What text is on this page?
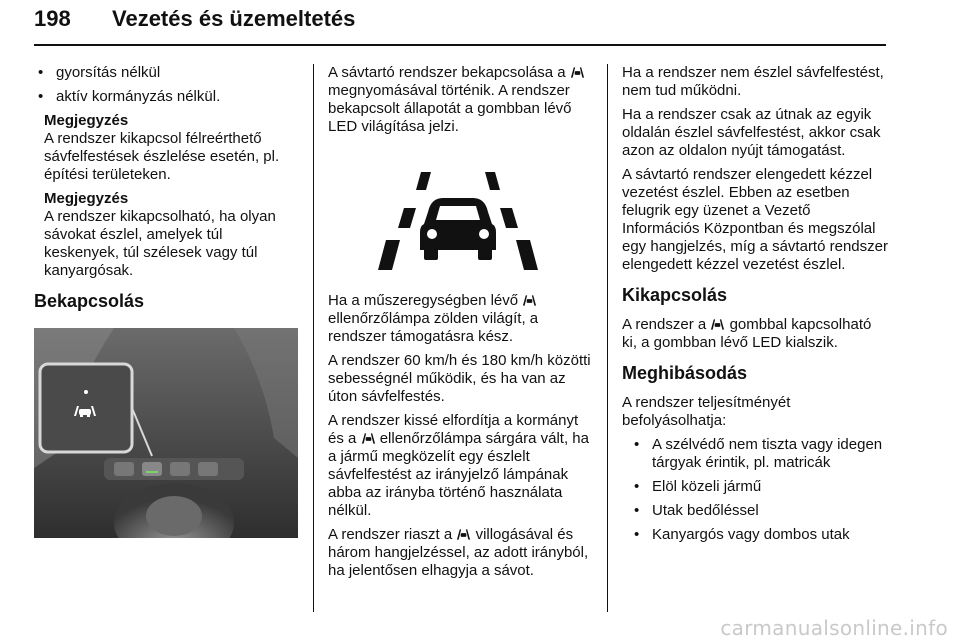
198 Vezetés és üzemeltetés
• gyorsítás nélkül
• aktív kormányzás nélkül.

Megjegyzés

A rendszer kikapcsol félreérthető sávfelfestések észlelése esetén, pl. építési területeken.

Megjegyzés

A rendszer kikapcsolható, ha olyan sávokat észlel, amelyek túl keskenyek, túl szélesek vagy túl kanyargósak.

Bekapcsolás

A sávtartó rendszer bekapcsolása a  megnyomásával történik. A rendszer bekapcsolt állapotát a gombban lévő LED világítása jelzi.

Ha a műszeregységben lévő  ellenőrzőlámpa zölden világít, a rendszer támogatásra kész.

A rendszer 60 km/h és 180 km/h közötti sebességnél működik, és ha van az úton sávfelfestés.

A rendszer kissé elfordítja a kormányt és a ellenőrzőlámpa sárgára vált, ha a jármű megközelít egy észlelt sávfelfestést az irányjelző lámpának abba az irányba történő használata nélkül.

A rendszer riaszt a villogásával és három hangjelzéssel, az adott irányból, ha jelentősen elhagyja a sávot.

Ha a rendszer nem észlel sávfelfestést, nem tud működni.

Ha a rendszer csak az útnak az egyik oldalán észlel sávfelfestést, akkor csak azon az oldalon nyújt támogatást.

A sávtartó rendszer elengedett kézzel vezetést észlel. Ebben az esetben felugrik egy üzenet a Vezető Információs Központban és megszólal egy hangjelzés, míg a sávtartó rendszer elengedett kézzel vezetést észlel.

Kikapcsolás

A rendszer a gombbal kapcsolható ki, a gombban lévő LED kialszik.

Meghibásodás

A rendszer teljesítményét befolyásolhatja:

• A szélvédő nem tiszta vagy idegen tárgyak érintik, pl. matricák
• Elöl közeli jármű
• Utak bedőléssel
• Kanyargós vagy dombos utak
carmanualsonline.info
